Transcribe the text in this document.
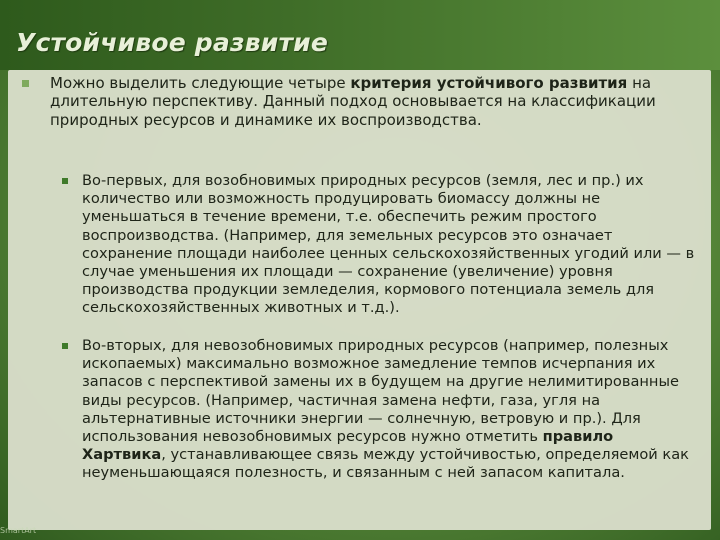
Устойчивое развитие
Можно выделить следующие четыре критерия устойчивого развития на длительную перспективу. Данный подход основывается на классификации природных ресурсов и динамике их воспроизводства.
Во-первых, для возобновимых природных ресурсов (земля, лес и пр.) их количество или возможность продуцировать биомассу должны не уменьшаться в течение времени, т.е. обеспечить режим простого воспроизводства. (Например, для земельных ресурсов это означает сохранение площади наиболее ценных сельскохозяйственных угодий или — в случае уменьшения их площади — сохранение (увеличение) уровня производства продукции земледелия, кормового потенциала земель для сельскохозяйственных животных и т.д.).
Во-вторых, для невозобновимых природных ресурсов (например, полезных ископаемых) максимально возможное замедление темпов исчерпания их запасов с перспективой замены их в будущем на другие нелимитированные виды ресурсов. (Например, частичная замена нефти, газа, угля на альтернативные источники энергии — солнечную, ветровую и пр.). Для использования невозобновимых ресурсов нужно отметить правило Хартвика, устанавливающее связь между устойчивостью, определяемой как неуменьшающаяся полезность, и связанным с ней запасом капитала.
SmartArt
